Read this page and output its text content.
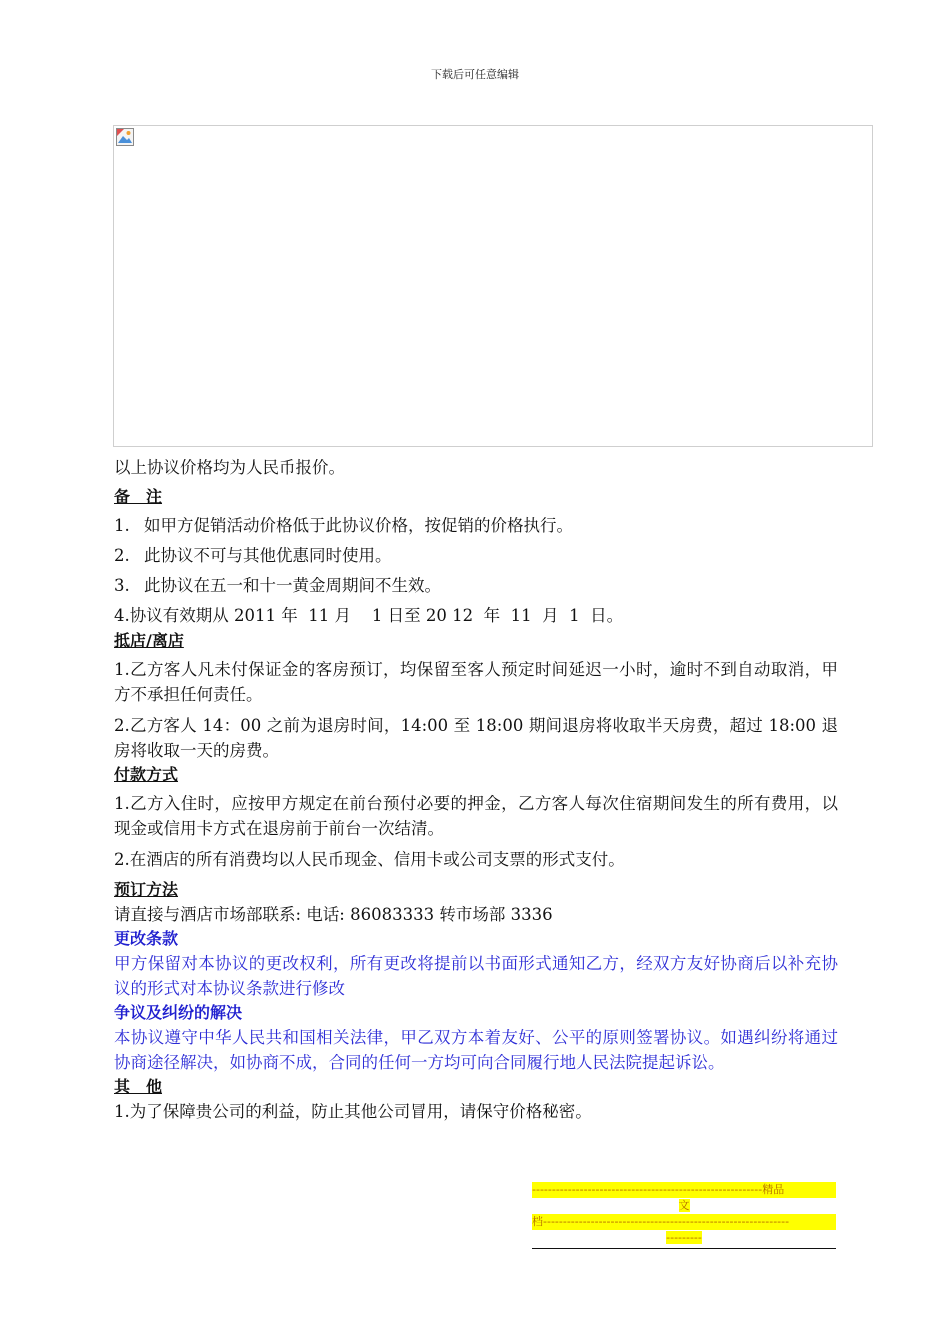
下载后可任意编辑

以上协议价格均为人民币报价。

备　注

1. 如甲方促销活动价格低于此协议价格，按促销的价格执行。

2. 此协议不可与其他优惠同时使用。

3. 此协议在五一和十一黄金周期间不生效。

4.协议有效期从 2011 年  11 月    1 日至 20 12  年  11  月  1  日。

抵店/离店

1.乙方客人凡未付保证金的客房预订，均保留至客人预定时间延迟一小时，逾时不到自动取消，甲方不承担任何责任。

2.乙方客人 14：00 之前为退房时间，14:00 至 18:00 期间退房将收取半天房费，超过 18:00 退房将收取一天的房费。

付款方式

1.乙方入住时，应按甲方规定在前台预付必要的押金，乙方客人每次住宿期间发生的所有费用，以现金或信用卡方式在退房前于前台一次结清。

2.在酒店的所有消费均以人民币现金、信用卡或公司支票的形式支付。

预订方法

请直接与酒店市场部联系: 电话: 86083333 转市场部 3336

更改条款

甲方保留对本协议的更改权利，所有更改将提前以书面形式通知乙方，经双方友好协商后以补充协议的形式对本协议条款进行修改

争议及纠纷的解决

本协议遵守中华人民共和国相关法律，甲乙双方本着友好、公平的原则签署协议。如遇纠纷将通过协商途径解决，如协商不成，合同的任何一方均可向合同履行地人民法院提起诉讼。

其　他

1.为了保障贵公司的利益，防止其他公司冒用，请保守价格秘密。

----------------------------------------------------------精品
文
档--------------------------------------------------------------
---------
